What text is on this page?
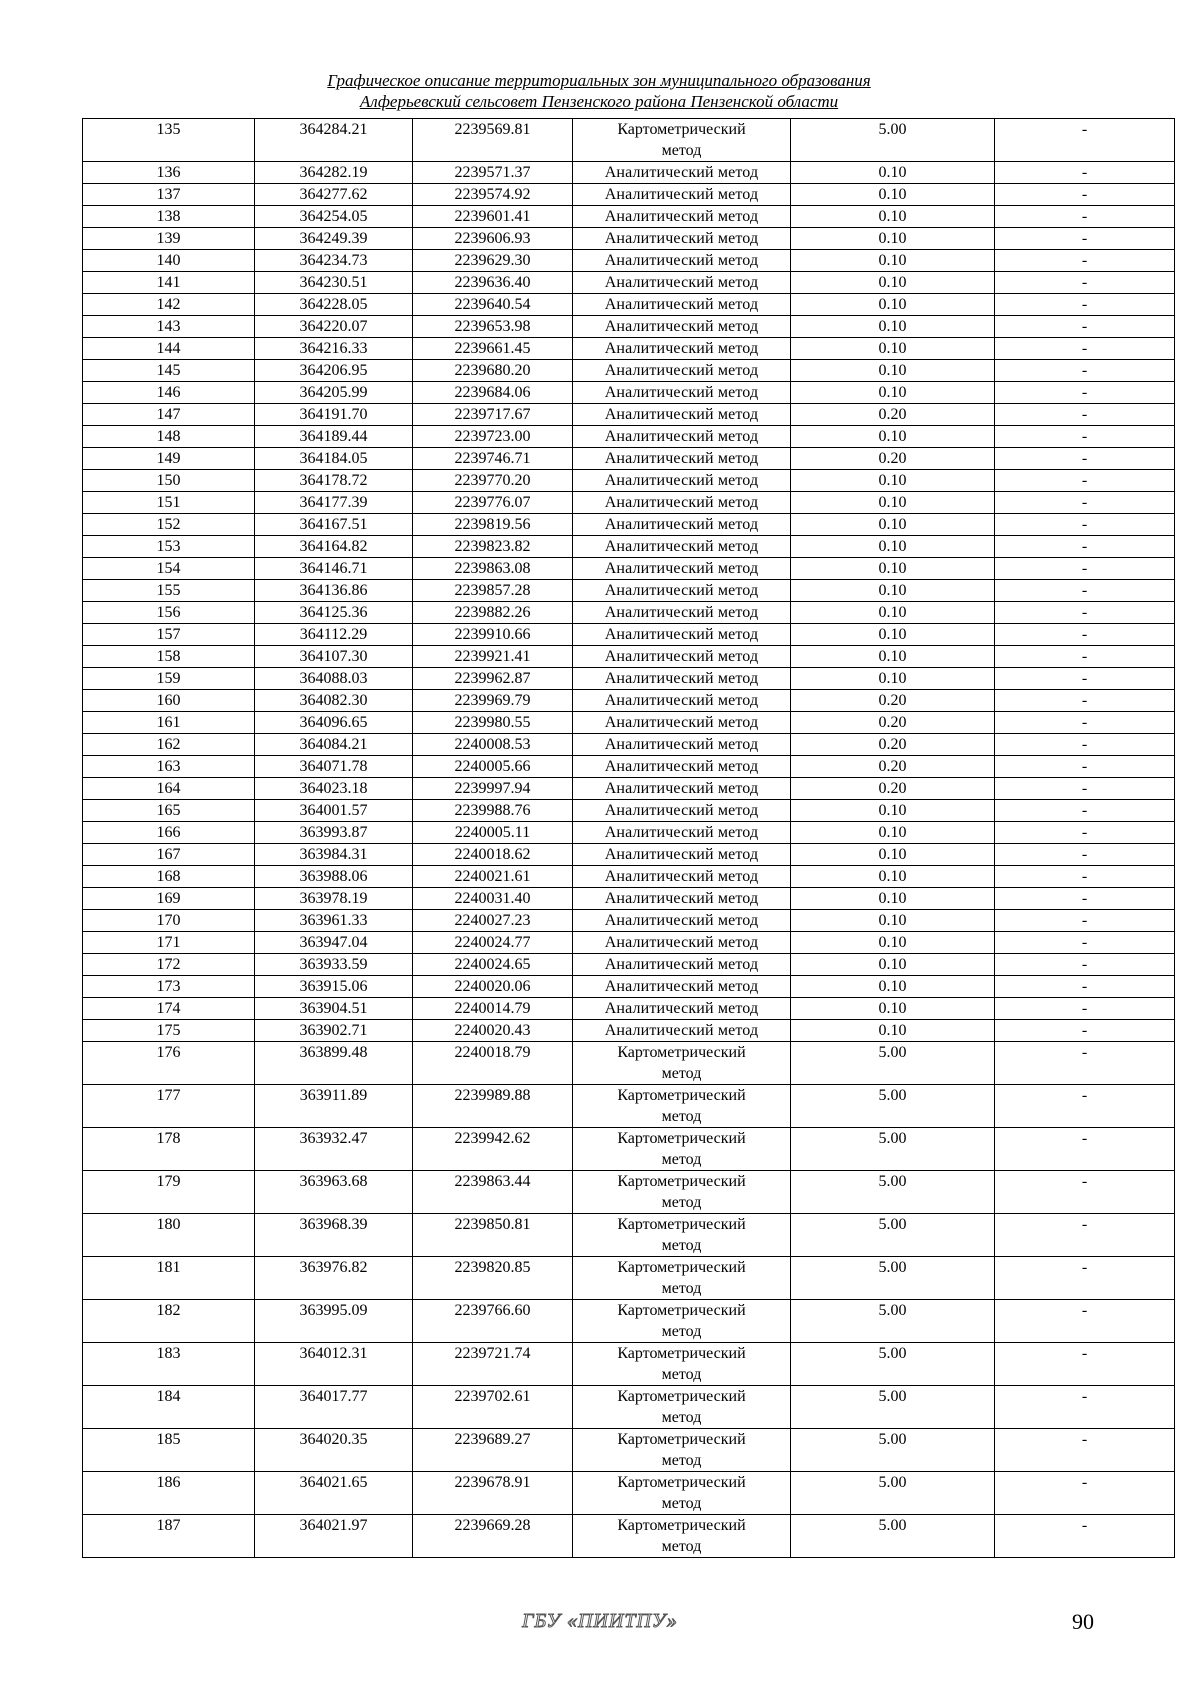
Графическое описание территориальных зон муниципального образования
Алферьевский сельсовет Пензенского района Пензенской области
135	364284.21	2239569.81	Картометрический метод	5.00	-
136	364282.19	2239571.37	Аналитический метод	0.10	-
137	364277.62	2239574.92	Аналитический метод	0.10	-
138	364254.05	2239601.41	Аналитический метод	0.10	-
139	364249.39	2239606.93	Аналитический метод	0.10	-
140	364234.73	2239629.30	Аналитический метод	0.10	-
141	364230.51	2239636.40	Аналитический метод	0.10	-
142	364228.05	2239640.54	Аналитический метод	0.10	-
143	364220.07	2239653.98	Аналитический метод	0.10	-
144	364216.33	2239661.45	Аналитический метод	0.10	-
145	364206.95	2239680.20	Аналитический метод	0.10	-
146	364205.99	2239684.06	Аналитический метод	0.10	-
147	364191.70	2239717.67	Аналитический метод	0.20	-
148	364189.44	2239723.00	Аналитический метод	0.10	-
149	364184.05	2239746.71	Аналитический метод	0.20	-
150	364178.72	2239770.20	Аналитический метод	0.10	-
151	364177.39	2239776.07	Аналитический метод	0.10	-
152	364167.51	2239819.56	Аналитический метод	0.10	-
153	364164.82	2239823.82	Аналитический метод	0.10	-
154	364146.71	2239863.08	Аналитический метод	0.10	-
155	364136.86	2239857.28	Аналитический метод	0.10	-
156	364125.36	2239882.26	Аналитический метод	0.10	-
157	364112.29	2239910.66	Аналитический метод	0.10	-
158	364107.30	2239921.41	Аналитический метод	0.10	-
159	364088.03	2239962.87	Аналитический метод	0.10	-
160	364082.30	2239969.79	Аналитический метод	0.20	-
161	364096.65	2239980.55	Аналитический метод	0.20	-
162	364084.21	2240008.53	Аналитический метод	0.20	-
163	364071.78	2240005.66	Аналитический метод	0.20	-
164	364023.18	2239997.94	Аналитический метод	0.20	-
165	364001.57	2239988.76	Аналитический метод	0.10	-
166	363993.87	2240005.11	Аналитический метод	0.10	-
167	363984.31	2240018.62	Аналитический метод	0.10	-
168	363988.06	2240021.61	Аналитический метод	0.10	-
169	363978.19	2240031.40	Аналитический метод	0.10	-
170	363961.33	2240027.23	Аналитический метод	0.10	-
171	363947.04	2240024.77	Аналитический метод	0.10	-
172	363933.59	2240024.65	Аналитический метод	0.10	-
173	363915.06	2240020.06	Аналитический метод	0.10	-
174	363904.51	2240014.79	Аналитический метод	0.10	-
175	363902.71	2240020.43	Аналитический метод	0.10	-
176	363899.48	2240018.79	Картометрический метод	5.00	-
177	363911.89	2239989.88	Картометрический метод	5.00	-
178	363932.47	2239942.62	Картометрический метод	5.00	-
179	363963.68	2239863.44	Картометрический метод	5.00	-
180	363968.39	2239850.81	Картометрический метод	5.00	-
181	363976.82	2239820.85	Картометрический метод	5.00	-
182	363995.09	2239766.60	Картометрический метод	5.00	-
183	364012.31	2239721.74	Картометрический метод	5.00	-
184	364017.77	2239702.61	Картометрический метод	5.00	-
185	364020.35	2239689.27	Картометрический метод	5.00	-
186	364021.65	2239678.91	Картометрический метод	5.00	-
187	364021.97	2239669.28	Картометрический метод	5.00	-
ГБУ «ПИИТПУ»	90
